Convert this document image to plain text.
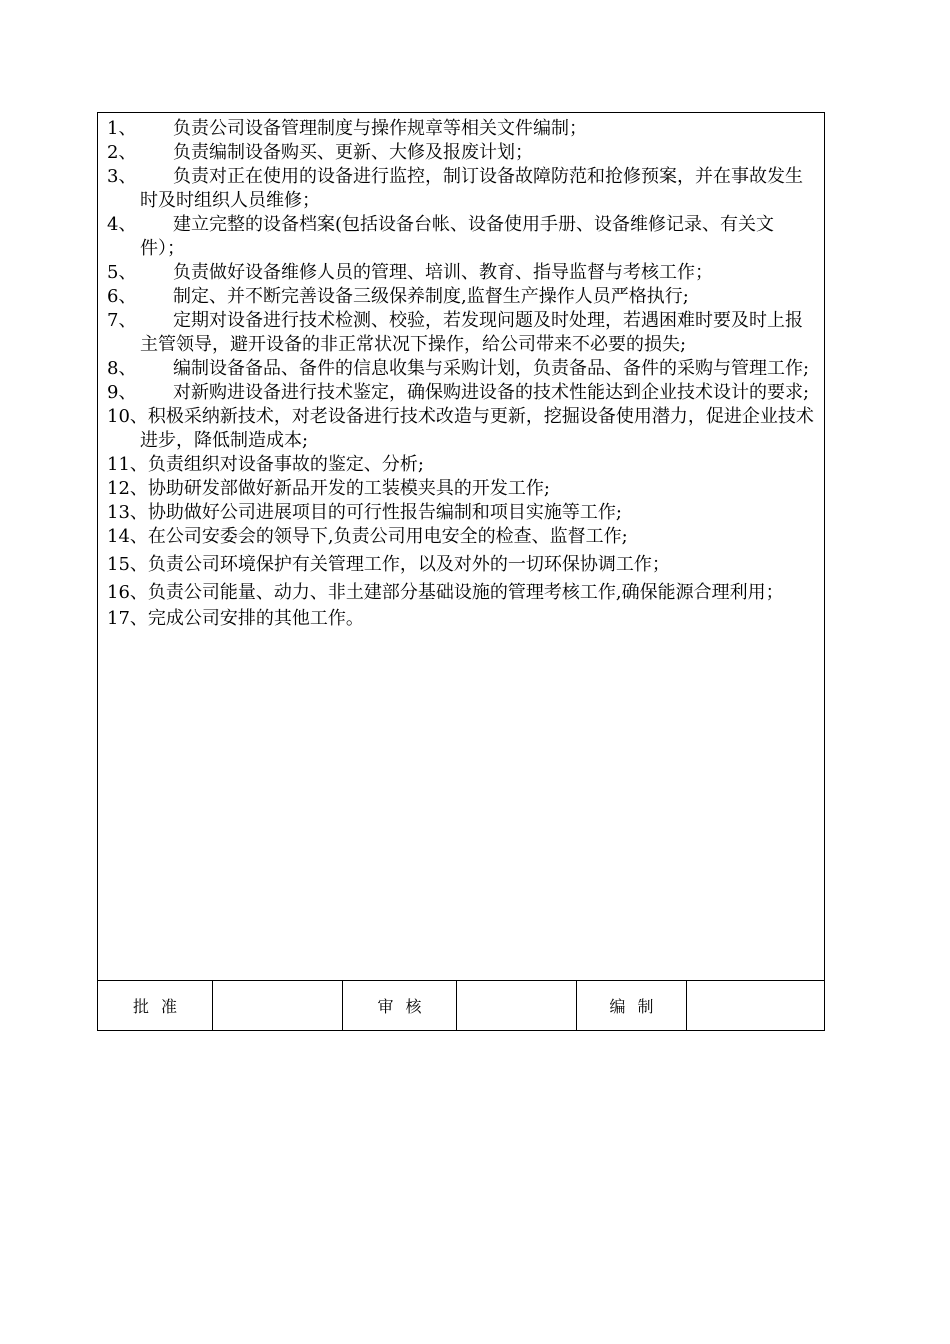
1、 负责公司设备管理制度与操作规章等相关文件编制；
2、 负责编制设备购买、更新、大修及报废计划；
3、 负责对正在使用的设备进行监控，制订设备故障防范和抢修预案，并在事故发生时及时组织人员维修；
4、 建立完整的设备档案(包括设备台帐、设备使用手册、设备维修记录、有关文件）；
5、 负责做好设备维修人员的管理、培训、教育、指导监督与考核工作；
6、 制定、并不断完善设备三级保养制度,监督生产操作人员严格执行;
7、 定期对设备进行技术检测、校验，若发现问题及时处理，若遇困难时要及时上报主管领导，避开设备的非正常状况下操作，给公司带来不必要的损失;
8、 编制设备备品、备件的信息收集与采购计划，负责备品、备件的采购与管理工作;
9、 对新购进设备进行技术鉴定，确保购进设备的技术性能达到企业技术设计的要求;
10、积极采纳新技术，对老设备进行技术改造与更新，挖掘设备使用潜力，促进企业技术进步，降低制造成本;
11、负责组织对设备事故的鉴定、分析;
12、协助研发部做好新品开发的工装模夹具的开发工作;
13、协助做好公司进展项目的可行性报告编制和项目实施等工作;
14、在公司安委会的领导下,负责公司用电安全的检查、监督工作;
15、负责公司环境保护有关管理工作，以及对外的一切环保协调工作；
16、负责公司能量、动力、非土建部分基础设施的管理考核工作,确保能源合理利用；
17、完成公司安排的其他工作。
批准	审核	编制
